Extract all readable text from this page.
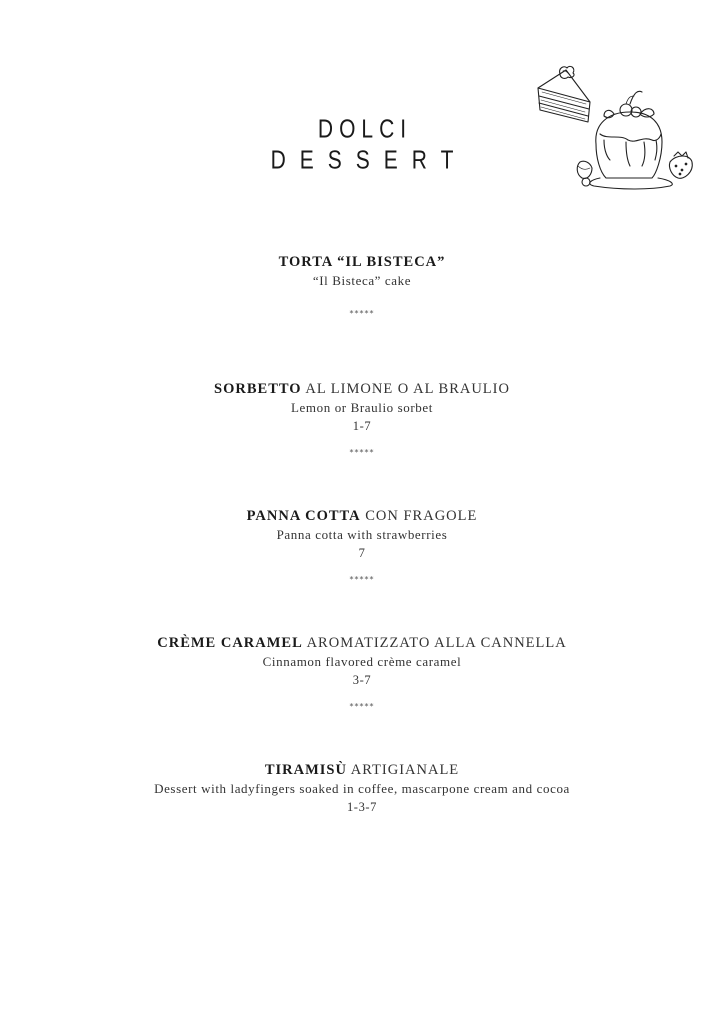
DOLCI
DESSERT
TORTA “IL BISTECA”
“Il Bisteca” cake
*****
SORBETTO AL LIMONE O AL BRAULIO
Lemon or Braulio sorbet
1-7
*****
PANNA COTTA CON FRAGOLE
Panna cotta with strawberries
7
*****
CRÈME CARAMEL AROMATIZZATO ALLA CANNELLA
Cinnamon flavored crème caramel
3-7
*****
TIRAMISÙ ARTIGIANALE
Dessert with ladyfingers soaked in coffee, mascarpone cream and cocoa
1-3-7
